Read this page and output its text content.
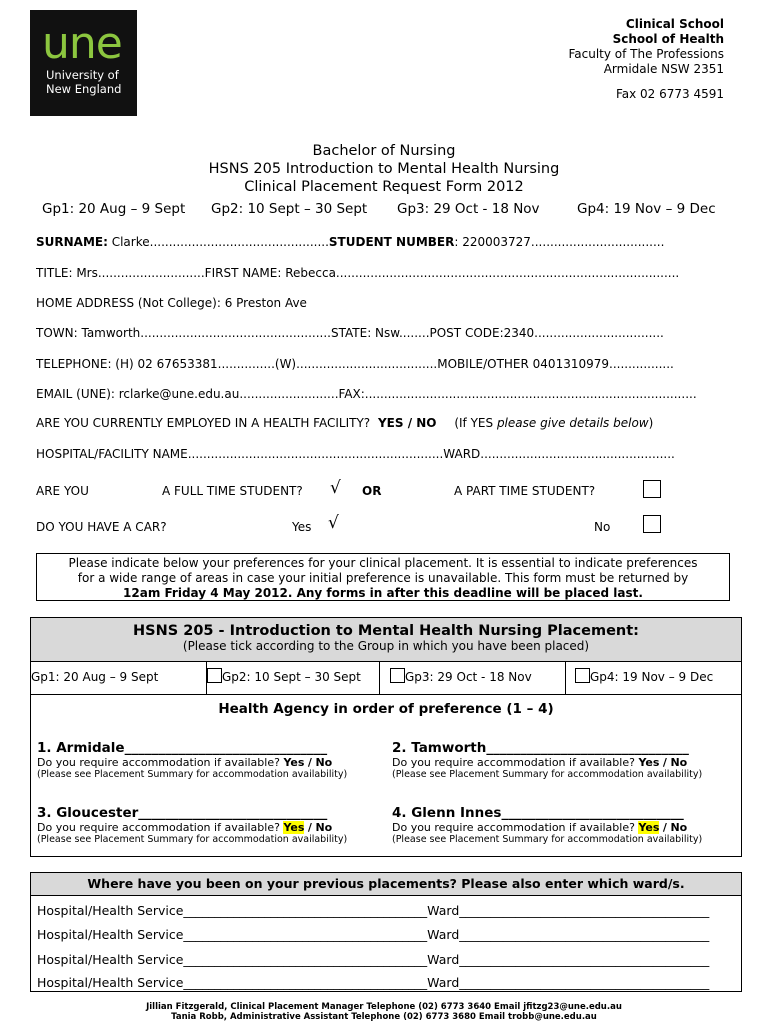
une
University of
New England
Clinical School
School of Health
Faculty of The Professions
Armidale NSW 2351
Fax 02 6773 4591
Bachelor of Nursing
HSNS 205 Introduction to Mental Health Nursing
Clinical Placement Request Form 2012
Gp1: 20 Aug – 9 Sept Gp2: 10 Sept – 30 Sept Gp3: 29 Oct - 18 Nov	Gp4: 19 Nov – 9 Dec
SURNAME: Clarke...............................................STUDENT NUMBER: 220003727...................................
TITLE: Mrs............................FIRST NAME: Rebecca..........................................................................................
HOME ADDRESS (Not College): 6 Preston Ave
TOWN: Tamworth..................................................STATE: Nsw........POST CODE:2340..................................
TELEPHONE: (H) 02 67653381...............(W).....................................MOBILE/OTHER 0401310979.................
EMAIL (UNE): rclarke@une.edu.au..........................FAX:.......................................................................................
ARE YOU CURRENTLY EMPLOYED IN A HEALTH FACILITY? YES / NO (If YES please give details below)
HOSPITAL/FACILITY NAME...................................................................WARD...................................................
ARE YOU	A FULL TIME STUDENT? √ OR	A PART TIME STUDENT?
DO YOU HAVE A CAR?	Yes √	No
Please indicate below your preferences for your clinical placement. It is essential to indicate preferences
for a wide range of areas in case your initial preference is unavailable. This form must be returned by
12am Friday 4 May 2012. Any forms in after this deadline will be placed last.
HSNS 205 - Introduction to Mental Health Nursing Placement:
(Please tick according to the Group in which you have been placed)
Gp1: 20 Aug – 9 Sept	Gp2: 10 Sept – 30 Sept	Gp3: 29 Oct - 18 Nov	Gp4: 19 Nov – 9 Dec
Health Agency in order of preference (1 – 4)
1. Armidale______________________________
Do you require accommodation if available? Yes / No
(Please see Placement Summary for accommodation availability)
2. Tamworth______________________________
Do you require accommodation if available? Yes / No
(Please see Placement Summary for accommodation availability)
3. Gloucester____________________________
Do you require accommodation if available? Yes / No
(Please see Placement Summary for accommodation availability)
4. Glenn Innes___________________________
Do you require accommodation if available? Yes / No
(Please see Placement Summary for accommodation availability)
Where have you been on your previous placements? Please also enter which ward/s.
Hospital/Health Service_______________________________________Ward________________________________________
Hospital/Health Service_______________________________________Ward________________________________________
Hospital/Health Service_______________________________________Ward________________________________________
Hospital/Health Service_______________________________________Ward________________________________________
Jillian Fitzgerald, Clinical Placement Manager Telephone (02) 6773 3640 Email jfitzg23@une.edu.au
Tania Robb, Administrative Assistant Telephone (02) 6773 3680 Email trobb@une.edu.au
